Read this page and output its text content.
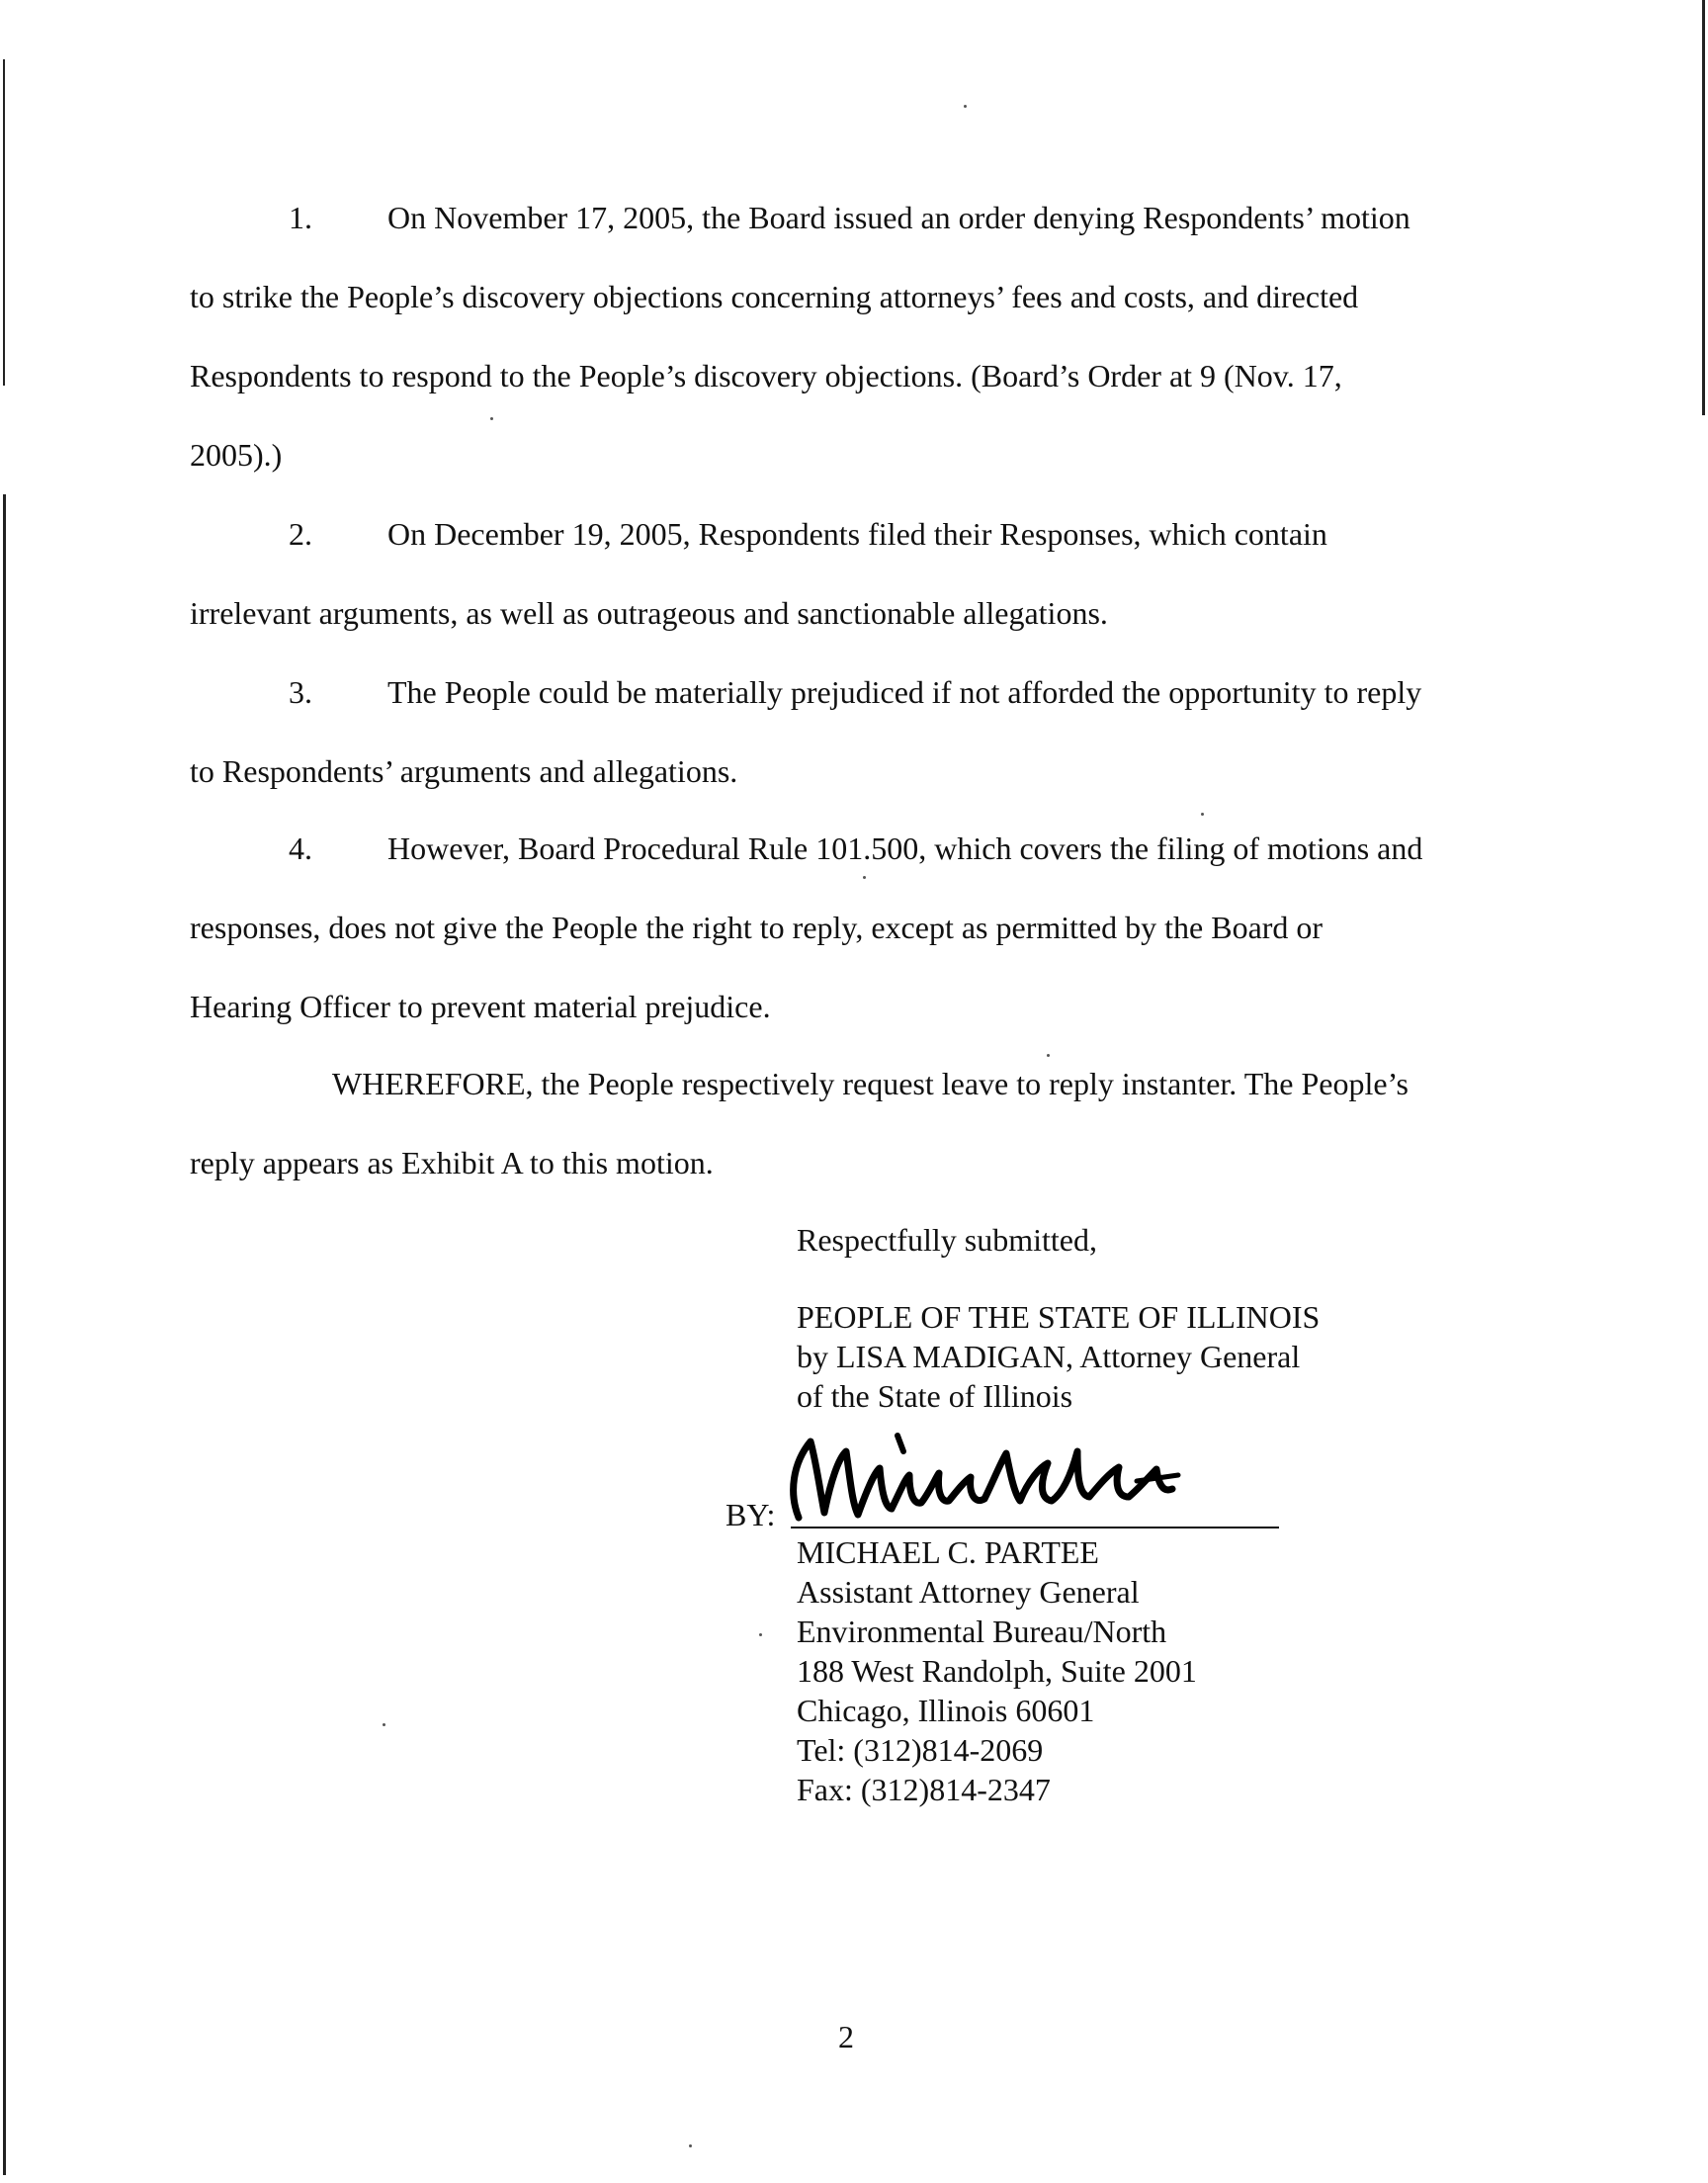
1. On November 17, 2005, the Board issued an order denying Respondents’ motion
to strike the People’s discovery objections concerning attorneys’ fees and costs, and directed
Respondents to respond to the People’s discovery objections. (Board’s Order at 9 (Nov. 17,
2005).)
2. On December 19, 2005, Respondents filed their Responses, which contain
irrelevant arguments, as well as outrageous and sanctionable allegations.
3. The People could be materially prejudiced if not afforded the opportunity to reply
to Respondents’ arguments and allegations.
4. However, Board Procedural Rule 101.500, which covers the filing of motions and
responses, does not give the People the right to reply, except as permitted by the Board or
Hearing Officer to prevent material prejudice.
WHEREFORE, the People respectively request leave to reply instanter. The People’s
reply appears as Exhibit A to this motion.
Respectfully submitted,
PEOPLE OF THE STATE OF ILLINOIS
by LISA MADIGAN, Attorney General
of the State of Illinois
BY:
MICHAEL C. PARTEE
Assistant Attorney General
Environmental Bureau/North
188 West Randolph, Suite 2001
Chicago, Illinois 60601
Tel: (312)814-2069
Fax: (312)814-2347
2
